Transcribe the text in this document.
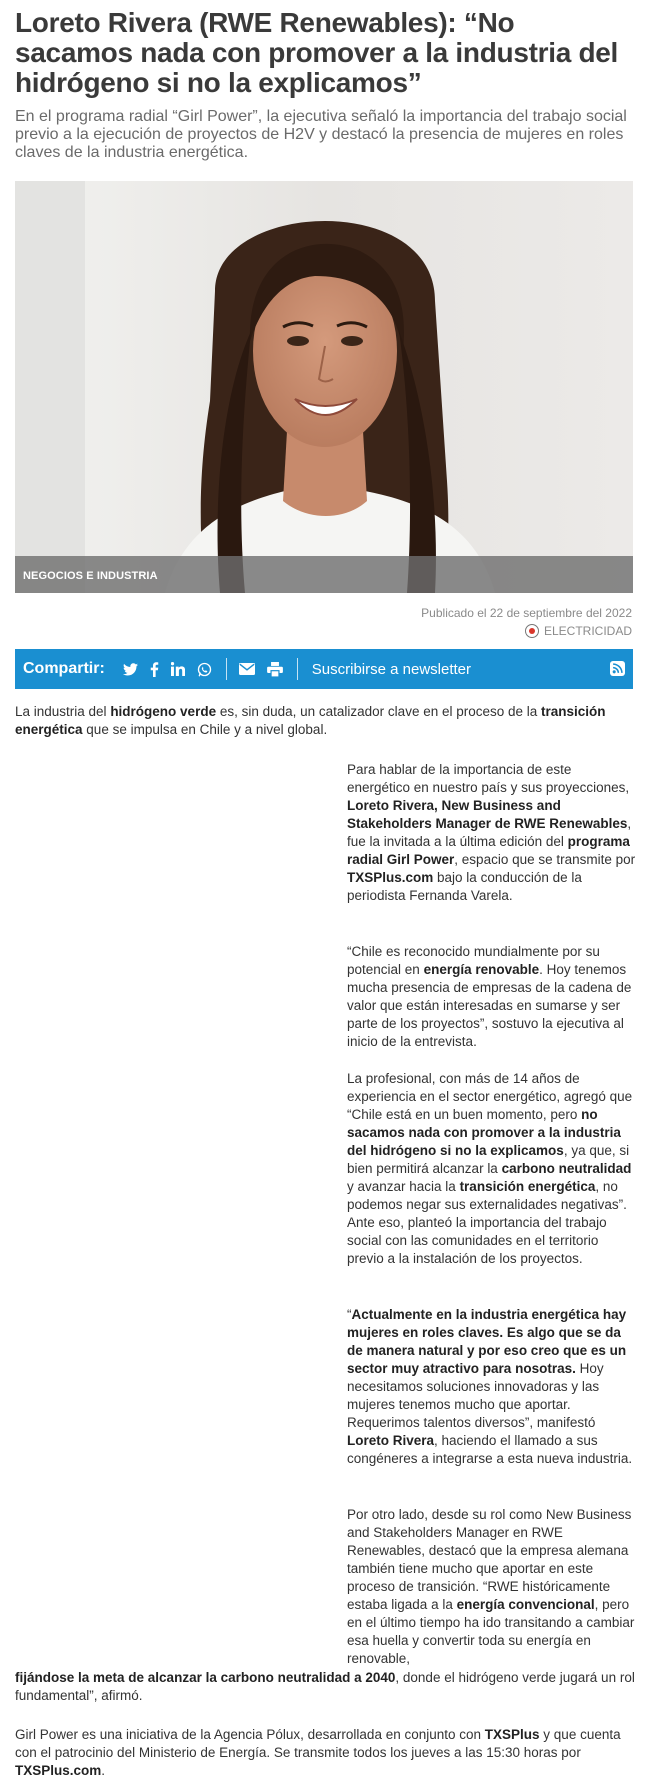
Loreto Rivera (RWE Renewables): “No sacamos nada con promover a la industria del hidrógeno si no la explicamos”

En el programa radial “Girl Power”, la ejecutiva señaló la importancia del trabajo social previo a la ejecución de proyectos de H2V y destacó la presencia de mujeres en roles claves de la industria energética.

NEGOCIOS E INDUSTRIA
Publicado el 22 de septiembre del 2022
ELECTRICIDAD
Compartir:	Suscribirse a newsletter

La industria del hidrógeno verde es, sin duda, un catalizador clave en el proceso de la transición energética que se impulsa en Chile y a nivel global.

Para hablar de la importancia de este energético en nuestro país y sus proyecciones, Loreto Rivera, New Business and Stakeholders Manager de RWE Renewables, fue la invitada a la última edición del programa radial Girl Power, espacio que se transmite por TXSPlus.com bajo la conducción de la periodista Fernanda Varela.

“Chile es reconocido mundialmente por su potencial en energía renovable. Hoy tenemos mucha presencia de empresas de la cadena de valor que están interesadas en sumarse y ser parte de los proyectos”, sostuvo la ejecutiva al inicio de la entrevista.

La profesional, con más de 14 años de experiencia en el sector energético, agregó que “Chile está en un buen momento, pero no sacamos nada con promover a la industria del hidrógeno si no la explicamos, ya que, si bien permitirá alcanzar la carbono neutralidad y avanzar hacia la transición energética, no podemos negar sus externalidades negativas”. Ante eso, planteó la importancia del trabajo social con las comunidades en el territorio previo a la instalación de los proyectos.

“Actualmente en la industria energética hay mujeres en roles claves. Es algo que se da de manera natural y por eso creo que es un sector muy atractivo para nosotras. Hoy necesitamos soluciones innovadoras y las mujeres tenemos mucho que aportar. Requerimos talentos diversos”, manifestó Loreto Rivera, haciendo el llamado a sus congéneres a integrarse a esta nueva industria.

Por otro lado, desde su rol como New Business and Stakeholders Manager en RWE Renewables, destacó que la empresa alemana también tiene mucho que aportar en este proceso de transición. “RWE históricamente estaba ligada a la energía convencional, pero en el último tiempo ha ido transitando a cambiar esa huella y convertir toda su energía en renovable,

fijándose la meta de alcanzar la carbono neutralidad a 2040, donde el hidrógeno verde jugará un rol fundamental”, afirmó.

Girl Power es una iniciativa de la Agencia Pólux, desarrollada en conjunto con TXSPlus y que cuenta con el patrocinio del Ministerio de Energía. Se transmite todos los jueves a las 15:30 horas por TXSPlus.com.
